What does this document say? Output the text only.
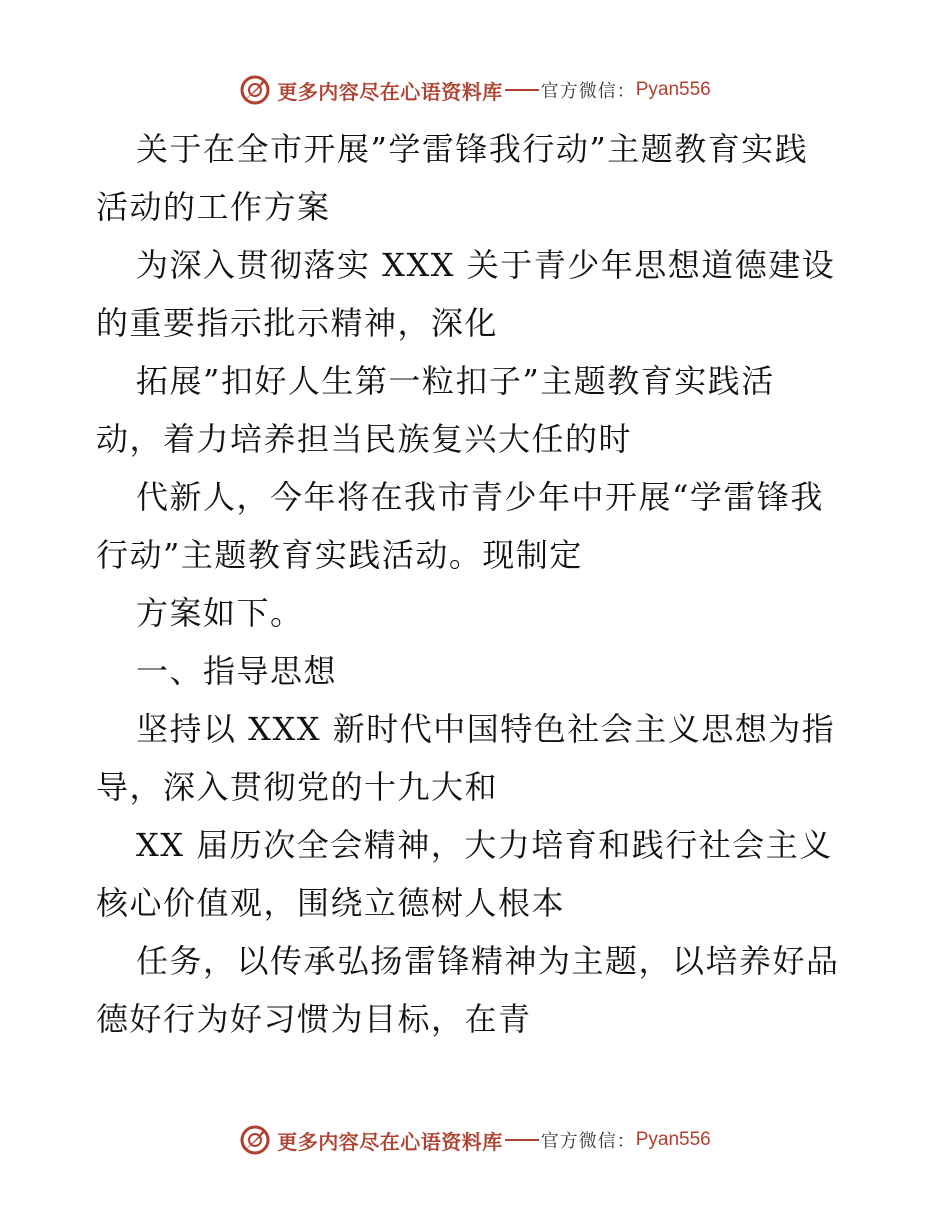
更多内容尽在心语资料库 官方微信： Pyan556
关于在全市开展”学雷锋我行动”主题教育实践
活动的工作方案
为深入贯彻落实 XXX 关于青少年思想道德建设
的重要指示批示精神，深化
拓展”扣好人生第一粒扣子”主题教育实践活
动，着力培养担当民族复兴大任的时
代新人，今年将在我市青少年中开展“学雷锋我
行动”主题教育实践活动。现制定
方案如下。
一、指导思想
坚持以 XXX 新时代中国特色社会主义思想为指
导，深入贯彻党的十九大和
XX 届历次全会精神，大力培育和践行社会主义
核心价值观，围绕立德树人根本
任务，以传承弘扬雷锋精神为主题，以培养好品
德好行为好习惯为目标，在青
更多内容尽在心语资料库 官方微信： Pyan556
